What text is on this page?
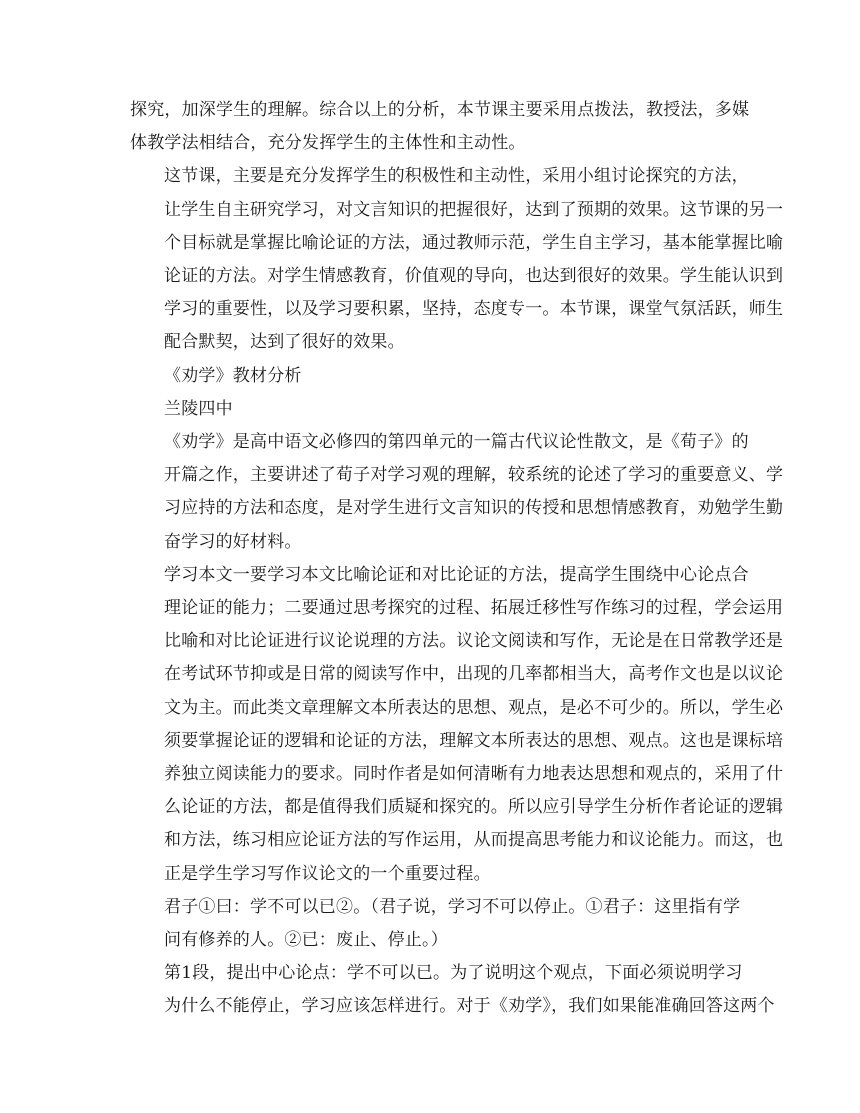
探究，加深学生的理解。综合以上的分析，本节课主要采用点拨法，教授法，多媒
体教学法相结合，充分发挥学生的主体性和主动性。
这节课，主要是充分发挥学生的积极性和主动性，采用小组讨论探究的方法，
让学生自主研究学习，对文言知识的把握很好，达到了预期的效果。这节课的另一
个目标就是掌握比喻论证的方法，通过教师示范，学生自主学习，基本能掌握比喻
论证的方法。对学生情感教育，价值观的导向，也达到很好的效果。学生能认识到
学习的重要性，以及学习要积累，坚持，态度专一。本节课，课堂气氛活跃，师生
配合默契，达到了很好的效果。
《劝学》教材分析
兰陵四中
《劝学》是高中语文必修四的第四单元的一篇古代议论性散文，是《荀子》的
开篇之作，主要讲述了荀子对学习观的理解，较系统的论述了学习的重要意义、学
习应持的方法和态度，是对学生进行文言知识的传授和思想情感教育，劝勉学生勤
奋学习的好材料。
学习本文一要学习本文比喻论证和对比论证的方法，提高学生围绕中心论点合
理论证的能力；二要通过思考探究的过程、拓展迁移性写作练习的过程，学会运用
比喻和对比论证进行议论说理的方法。议论文阅读和写作，无论是在日常教学还是
在考试环节抑或是日常的阅读写作中，出现的几率都相当大，高考作文也是以议论
文为主。而此类文章理解文本所表达的思想、观点，是必不可少的。所以，学生必
须要掌握论证的逻辑和论证的方法，理解文本所表达的思想、观点。这也是课标培
养独立阅读能力的要求。同时作者是如何清晰有力地表达思想和观点的，采用了什
么论证的方法，都是值得我们质疑和探究的。所以应引导学生分析作者论证的逻辑
和方法，练习相应论证方法的写作运用，从而提高思考能力和议论能力。而这，也
正是学生学习写作议论文的一个重要过程。
君子①曰：学不可以已②。（君子说，学习不可以停止。①君子：这里指有学
问有修养的人。②已：废止、停止。）
第1段，提出中心论点：学不可以已。为了说明这个观点，下面必须说明学习
为什么不能停止，学习应该怎样进行。对于《劝学》，我们如果能准确回答这两个
